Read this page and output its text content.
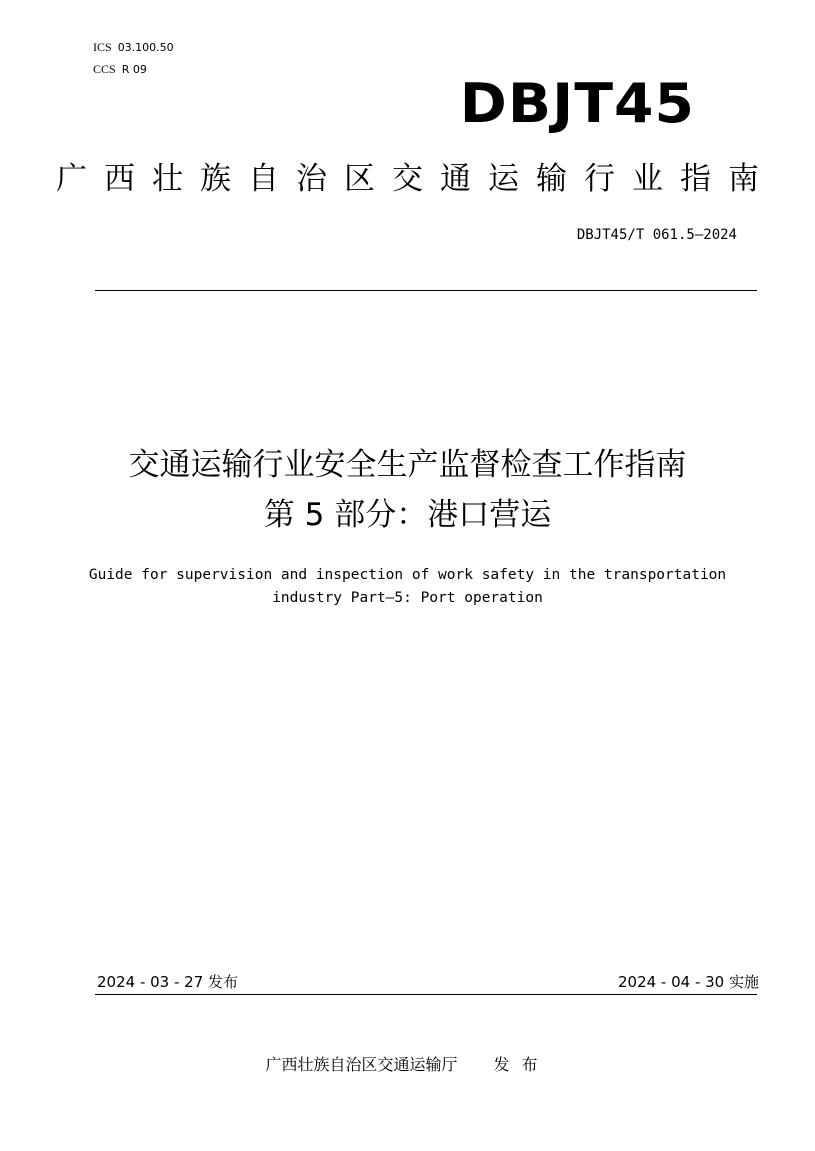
ICS 03.100.50
CCS R 09
DBJT45
广西壮族自治区交通运输行业指南
DBJT45/T 061.5—2024
交通运输行业安全生产监督检查工作指南
第 5 部分：港口营运
Guide for supervision and inspection of work safety in the transportation
industry Part—5: Port operation
2024 - 03 - 27 发布	2024 - 04 - 30 实施
广西壮族自治区交通运输厅 发布
